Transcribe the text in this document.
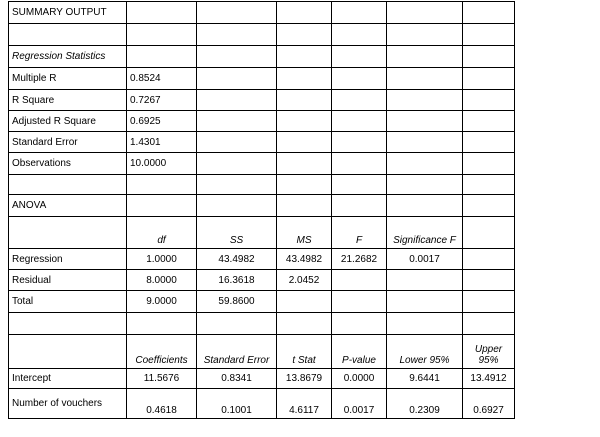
SUMMARY OUTPUT						

Regression Statistics						
Multiple R	0.8524					
R Square	0.7267					
Adjusted R Square	0.6925					
Standard Error	1.4301					
Observations	10.0000					

ANOVA						
	df	SS	MS	F	Significance F	
Regression	1.0000	43.4982	43.4982	21.2682	0.0017	
Residual	8.0000	16.3618	2.0452			
Total	9.0000	59.8600				

	Coefficients	Standard Error	t Stat	P-value	Lower 95%	Upper 95%
Intercept	11.5676	0.8341	13.8679	0.0000	9.6441	13.4912
Number of vouchers	0.4618	0.1001	4.6117	0.0017	0.2309	0.6927
